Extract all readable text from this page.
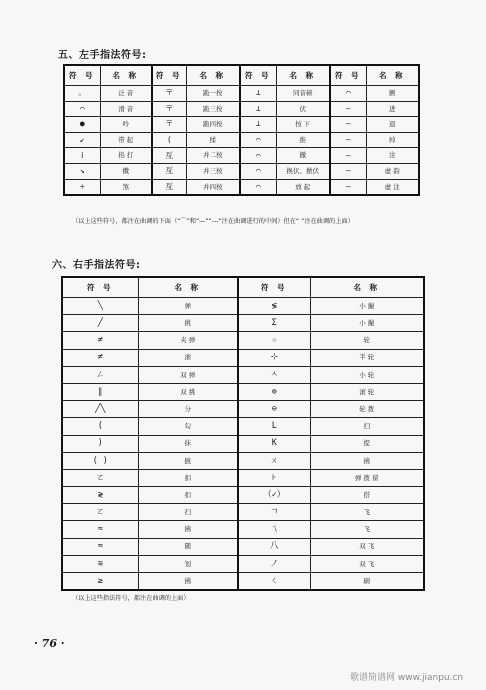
五、左手指法符号:
符 号	名 称	符 号	名 称	符 号	名 称	符 号	名 称
。	泛 音	〒	跪一按	⊥	同音顿	⌒	颤
⌒	滑 音	〒	跪三按	⊥	伏	—	进
●	吟	〒	跪四按	⊥	按 下	—	退
↙	带 起	(	揉	⌒	推	—	绰
ⅰ	掐 打	亙	并二按	⌒	撤	—	注
↘	擞	亙	并三按	⌒	换伏、掀伏	—	虚 韵
÷	煞	亙	并四按	⌒	放 起	—	虚 注
（以上这些符号，都注在曲调的下面（“⌒”和“—”“---”注在曲调进行的中间）但在“ ”注在曲调的上面）
六、右手指法符号:
符 号	名 称	符 号	名 称
╲	弹	≶	小 撮
╱	挑	Σ	小 撮
≠	夹 弹	☆	轮
≠	滚	⊹	半 轮
ㄥ	双 弹	ㅅ	小 轮
∥	双 挑	⊚	滚 轮
╱╲	分	⊖	轮 拨
(	勾	L	扫
)	抹	K	提
( )	摭	ㄨ	拂
ㄛ	扣	⊦	弹 拨 留
≷	扣	（✓）	搭
ㄛ	扫	ㄱ	飞
≈	拂	ㄟ	飞
≈	随	八	双 飞
≋	划	ノ	双 飞
≥	拂	ㄑ	刷
（以上这些指法符号，都注在曲调的上面）
· 76 ·
歌谱简谱网 www.jianpu.cn
